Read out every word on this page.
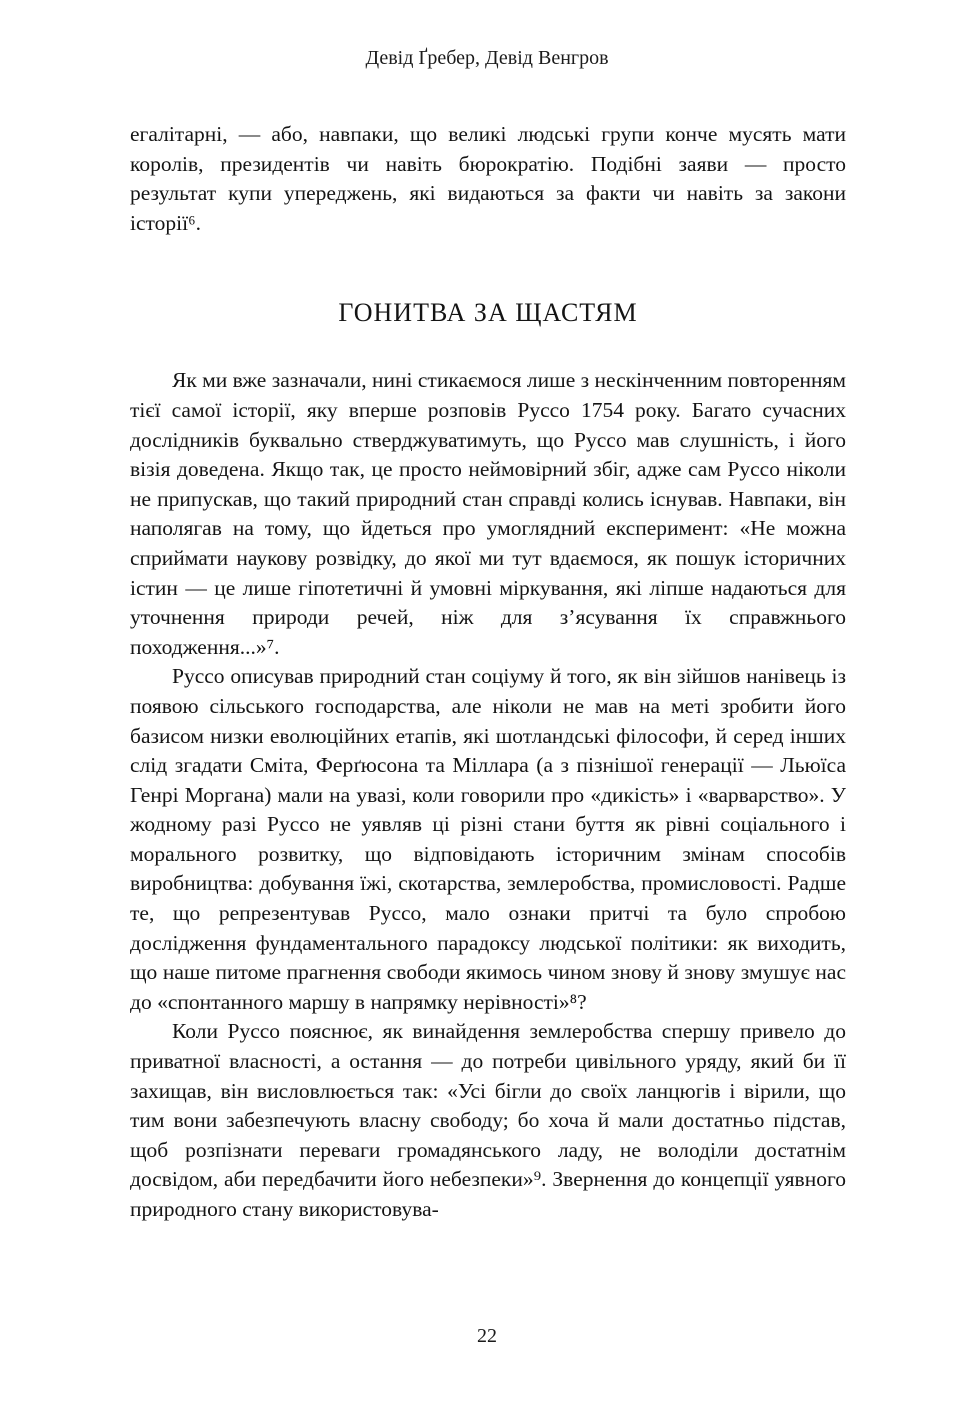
Девід Ґребер, Девід Венгров

егалітарні, — або, навпаки, що великі людські групи конче мусять мати королів, президентів чи навіть бюрократію. Подібні заяви — просто результат купи упереджень, які видаються за факти чи навіть за закони історії⁶.

ГОНИТВА ЗА ЩАСТЯМ

Як ми вже зазначали, нині стикаємося лише з нескінченним повторенням тієї самої історії, яку вперше розповів Руссо 1754 року. Багато сучасних дослідників буквально стверджуватимуть, що Руссо мав слушність, і його візія доведена. Якщо так, це просто неймовірний збіг, адже сам Руссо ніколи не припускав, що такий природний стан справді колись існував. Навпаки, він наполягав на тому, що йдеться про умоглядний експеримент: «Не можна сприймати наукову розвідку, до якої ми тут вдаємося, як пошук історичних істин — це лише гіпотетичні й умовні міркування, які ліпше надаються для уточнення природи речей, ніж для з’ясування їх справжнього походження...»⁷.

Руссо описував природний стан соціуму й того, як він зійшов нанівець із появою сільського господарства, але ніколи не мав на меті зробити його базисом низки еволюційних етапів, які шотландські філософи, й серед інших слід згадати Сміта, Ферґюсона та Міллара (а з пізнішої генерації — Льюїса Генрі Моргана) мали на увазі, коли говорили про «дикість» і «варварство». У жодному разі Руссо не уявляв ці різні стани буття як рівні соціального і морального розвитку, що відповідають історичним змінам способів виробництва: добування їжі, скотарства, землеробства, промисловості. Радше те, що репрезентував Руссо, мало ознаки притчі та було спробою дослідження фундаментального парадоксу людської політики: як виходить, що наше питоме прагнення свободи якимось чином знову й знову змушує нас до «спонтанного маршу в напрямку нерівності»⁸?

Коли Руссо пояснює, як винайдення землеробства спершу привело до приватної власності, а остання — до потреби цивільного уряду, який би її захищав, він висловлюється так: «Усі бігли до своїх ланцюгів і вірили, що тим вони забезпечують власну свободу; бо хоча й мали достатньо підстав, щоб розпізнати переваги громадянського ладу, не володіли достатнім досвідом, аби передбачити його небезпеки»⁹. Звернення до концепції уявного природного стану використовува-

22
